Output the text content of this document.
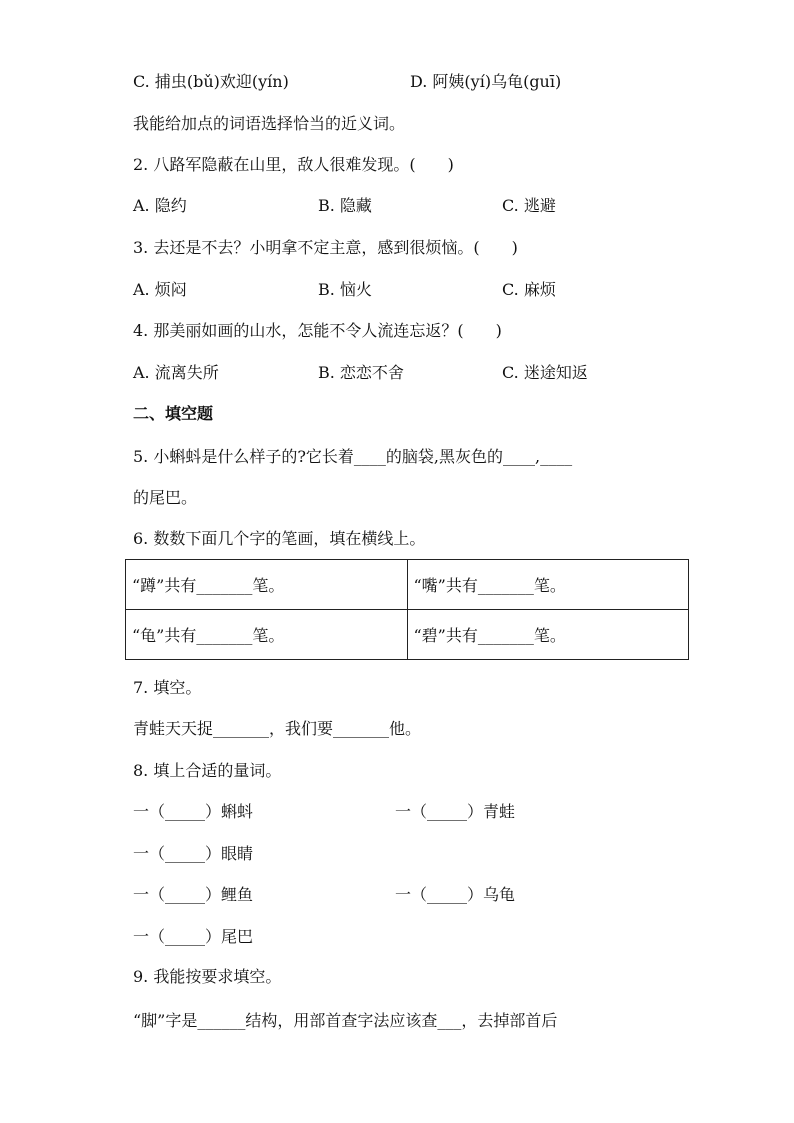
C. 捕虫(bǔ)欢迎(yín)	D. 阿姨(yí)乌龟(guī)
我能给加点的词语选择恰当的近义词。
2. 八路军隐蔽在山里，敌人很难发现。(　　)
A. 隐约	B. 隐藏	C. 逃避
3. 去还是不去？小明拿不定主意，感到很烦恼。(　　)
A. 烦闷	B. 恼火	C. 麻烦
4. 那美丽如画的山水，怎能不令人流连忘返？(　　)
A. 流离失所	B. 恋恋不舍	C. 迷途知返
二、填空题
5. 小蝌蚪是什么样子的?它长着____的脑袋,黑灰色的____,____
的尾巴。
6. 数数下面几个字的笔画，填在横线上。
“蹲”共有_______笔。	“嘴”共有_______笔。
“龟”共有_______笔。	“碧”共有_______笔。
7. 填空。
青蛙天天捉_______，我们要_______他。
8. 填上合适的量词。
一（_____）蝌蚪	一（_____）青蛙
一（_____）眼睛
一（_____）鲤鱼	一（_____）乌龟
一（_____）尾巴
9. 我能按要求填空。
“脚”字是______结构，用部首查字法应该查___，去掉部首后
